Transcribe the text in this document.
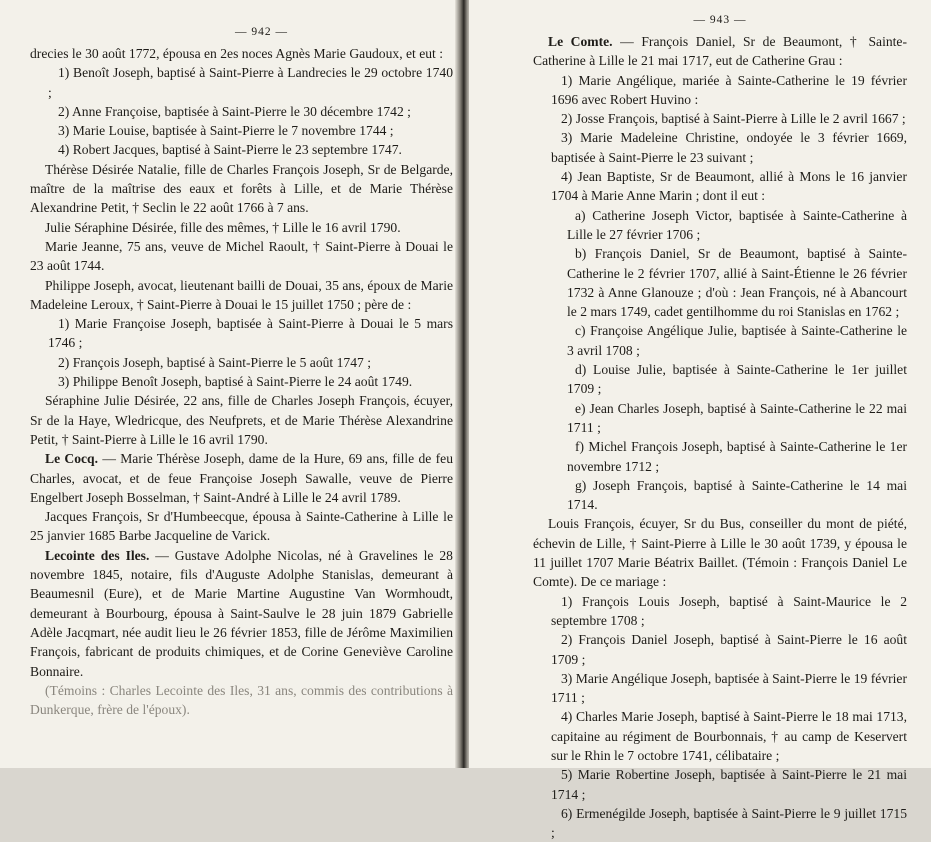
— 942 —

drecies le 30 août 1772, épousa en 2es noces Agnès Marie Gaudoux, et eut :

1) Benoît Joseph, baptisé à Saint-Pierre à Landrecies le 29 octobre 1740 ;

2) Anne Françoise, baptisée à Saint-Pierre le 30 décembre 1742 ;

3) Marie Louise, baptisée à Saint-Pierre le 7 novembre 1744 ;

4) Robert Jacques, baptisé à Saint-Pierre le 23 septembre 1747.

Thérèse Désirée Natalie, fille de Charles François Joseph, Sr de Belgarde, maître de la maîtrise des eaux et forêts à Lille, et de Marie Thérèse Alexandrine Petit, † Seclin le 22 août 1766 à 7 ans.

Julie Séraphine Désirée, fille des mêmes, † Lille le 16 avril 1790.

Marie Jeanne, 75 ans, veuve de Michel Raoult, † Saint-Pierre à Douai le 23 août 1744.

Philippe Joseph, avocat, lieutenant bailli de Douai, 35 ans, époux de Marie Madeleine Leroux, † Saint-Pierre à Douai le 15 juillet 1750 ; père de :

1) Marie Françoise Joseph, baptisée à Saint-Pierre à Douai le 5 mars 1746 ;

2) François Joseph, baptisé à Saint-Pierre le 5 août 1747 ;

3) Philippe Benoît Joseph, baptisé à Saint-Pierre le 24 août 1749.

Séraphine Julie Désirée, 22 ans, fille de Charles Joseph François, écuyer, Sr de la Haye, Wledricque, des Neufprets, et de Marie Thérèse Alexandrine Petit, † Saint-Pierre à Lille le 16 avril 1790.

Le Cocq. — Marie Thérèse Joseph, dame de la Hure, 69 ans, fille de feu Charles, avocat, et de feue Françoise Joseph Sawalle, veuve de Pierre Engelbert Joseph Bosselman, † Saint-André à Lille le 24 avril 1789.

Jacques François, Sr d'Humbeecque, épousa à Sainte-Catherine à Lille le 25 janvier 1685 Barbe Jacqueline de Varick.

Lecointe des Iles. — Gustave Adolphe Nicolas, né à Gravelines le 28 novembre 1845, notaire, fils d'Auguste Adolphe Stanislas, demeurant à Beaumesnil (Eure), et de Marie Martine Augustine Van Wormhoudt, demeurant à Bourbourg, épousa à Saint-Saulve le 28 juin 1879 Gabrielle Adèle Jacqmart, née audit lieu le 26 février 1853, fille de Jérôme Maximilien François, fabricant de produits chimiques, et de Corine Geneviève Caroline Bonnaire.

(Témoins : Charles Lecointe des Iles, 31 ans, commis des contributions à Dunkerque, frère de l'époux).

— 943 —

Le Comte. — François Daniel, Sr de Beaumont, † Sainte-Catherine à Lille le 21 mai 1717, eut de Catherine Grau :

1) Marie Angélique, mariée à Sainte-Catherine le 19 février 1696 avec Robert Huvino :

2) Josse François, baptisé à Saint-Pierre à Lille le 2 avril 1667 ;

3) Marie Madeleine Christine, ondoyée le 3 février 1669, baptisée à Saint-Pierre le 23 suivant ;

4) Jean Baptiste, Sr de Beaumont, allié à Mons le 16 janvier 1704 à Marie Anne Marin ; dont il eut :

a) Catherine Joseph Victor, baptisée à Sainte-Catherine à Lille le 27 février 1706 ;

b) François Daniel, Sr de Beaumont, baptisé à Sainte-Catherine le 2 février 1707, allié à Saint-Étienne le 26 février 1732 à Anne Glanouze ; d'où : Jean François, né à Abancourt le 2 mars 1749, cadet gentilhomme du roi Stanislas en 1762 ;

c) Françoise Angélique Julie, baptisée à Sainte-Catherine le 3 avril 1708 ;

d) Louise Julie, baptisée à Sainte-Catherine le 1er juillet 1709 ;

e) Jean Charles Joseph, baptisé à Sainte-Catherine le 22 mai 1711 ;

f) Michel François Joseph, baptisé à Sainte-Catherine le 1er novembre 1712 ;

g) Joseph François, baptisé à Sainte-Catherine le 14 mai 1714.

Louis François, écuyer, Sr du Bus, conseiller du mont de piété, échevin de Lille, † Saint-Pierre à Lille le 30 août 1739, y épousa le 11 juillet 1707 Marie Béatrix Baillet. (Témoin : François Daniel Le Comte). De ce mariage :

1) François Louis Joseph, baptisé à Saint-Maurice le 2 septembre 1708 ;

2) François Daniel Joseph, baptisé à Saint-Pierre le 16 août 1709 ;

3) Marie Angélique Joseph, baptisée à Saint-Pierre le 19 février 1711 ;

4) Charles Marie Joseph, baptisé à Saint-Pierre le 18 mai 1713, capitaine au régiment de Bourbonnais, † au camp de Keservert sur le Rhin le 7 octobre 1741, célibataire ;

5) Marie Robertine Joseph, baptisée à Saint-Pierre le 21 mai 1714 ;

6) Ermenégilde Joseph, baptisée à Saint-Pierre le 9 juillet 1715 ;
